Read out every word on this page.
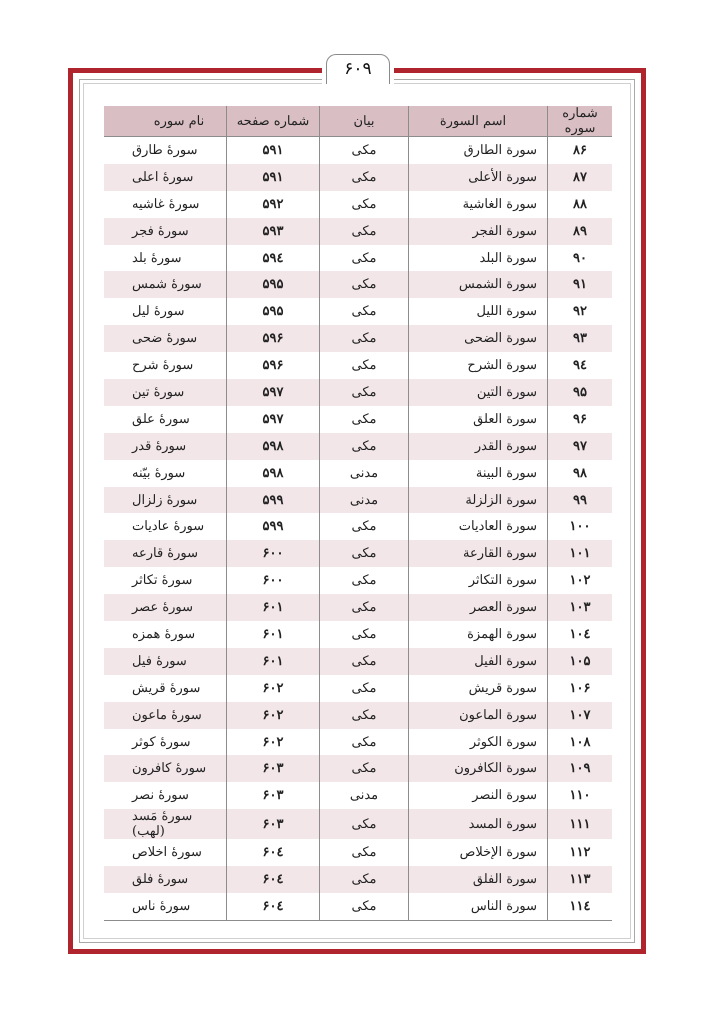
۶۰۹
شماره سوره	اسم السورة	بیان	شماره صفحه	نام سوره
۸۶	سورة الطارق	مکی	۵۹۱	سورهٔ طارق
۸۷	سورة الأعلی	مکی	۵۹۱	سورهٔ اعلی
۸۸	سورة الغاشية	مکی	۵۹۲	سورهٔ غاشیه
۸۹	سورة الفجر	مکی	۵۹۳	سورهٔ فجر
۹۰	سورة البلد	مکی	۵۹٤	سورهٔ بلد
۹۱	سورة الشمس	مکی	۵۹۵	سورهٔ شمس
۹۲	سورة الليل	مکی	۵۹۵	سورهٔ لیل
۹۳	سورة الضحی	مکی	۵۹۶	سورهٔ ضحی
۹٤	سورة الشرح	مکی	۵۹۶	سورهٔ شرح
۹۵	سورة التين	مکی	۵۹۷	سورهٔ تین
۹۶	سورة العلق	مکی	۵۹۷	سورهٔ علق
۹۷	سورة القدر	مکی	۵۹۸	سورهٔ قدر
۹۸	سورة البينة	مدنی	۵۹۸	سورهٔ بیّنه
۹۹	سورة الزلزلة	مدنی	۵۹۹	سورهٔ زلزال
۱۰۰	سورة العاديات	مکی	۵۹۹	سورهٔ عادیات
۱۰۱	سورة القارعة	مکی	۶۰۰	سورهٔ قارعه
۱۰۲	سورة التكاثر	مکی	۶۰۰	سورهٔ تکاثر
۱۰۳	سورة العصر	مکی	۶۰۱	سورهٔ عصر
۱۰٤	سورة الهمزة	مکی	۶۰۱	سورهٔ همزه
۱۰۵	سورة الفيل	مکی	۶۰۱	سورهٔ فیل
۱۰۶	سورة قريش	مکی	۶۰۲	سورهٔ قریش
۱۰۷	سورة الماعون	مکی	۶۰۲	سورهٔ ماعون
۱۰۸	سورة الكوثر	مکی	۶۰۲	سورهٔ کوثر
۱۰۹	سورة الكافرون	مکی	۶۰۳	سورهٔ کافرون
۱۱۰	سورة النصر	مدنی	۶۰۳	سورهٔ نصر
۱۱۱	سورة المسد	مکی	۶۰۳	سورهٔ مَسد (لهب)
۱۱۲	سورة الإخلاص	مکی	۶۰٤	سورهٔ اخلاص
۱۱۳	سورة الفلق	مکی	۶۰٤	سورهٔ فلق
۱۱٤	سورة الناس	مکی	۶۰٤	سورهٔ ناس
